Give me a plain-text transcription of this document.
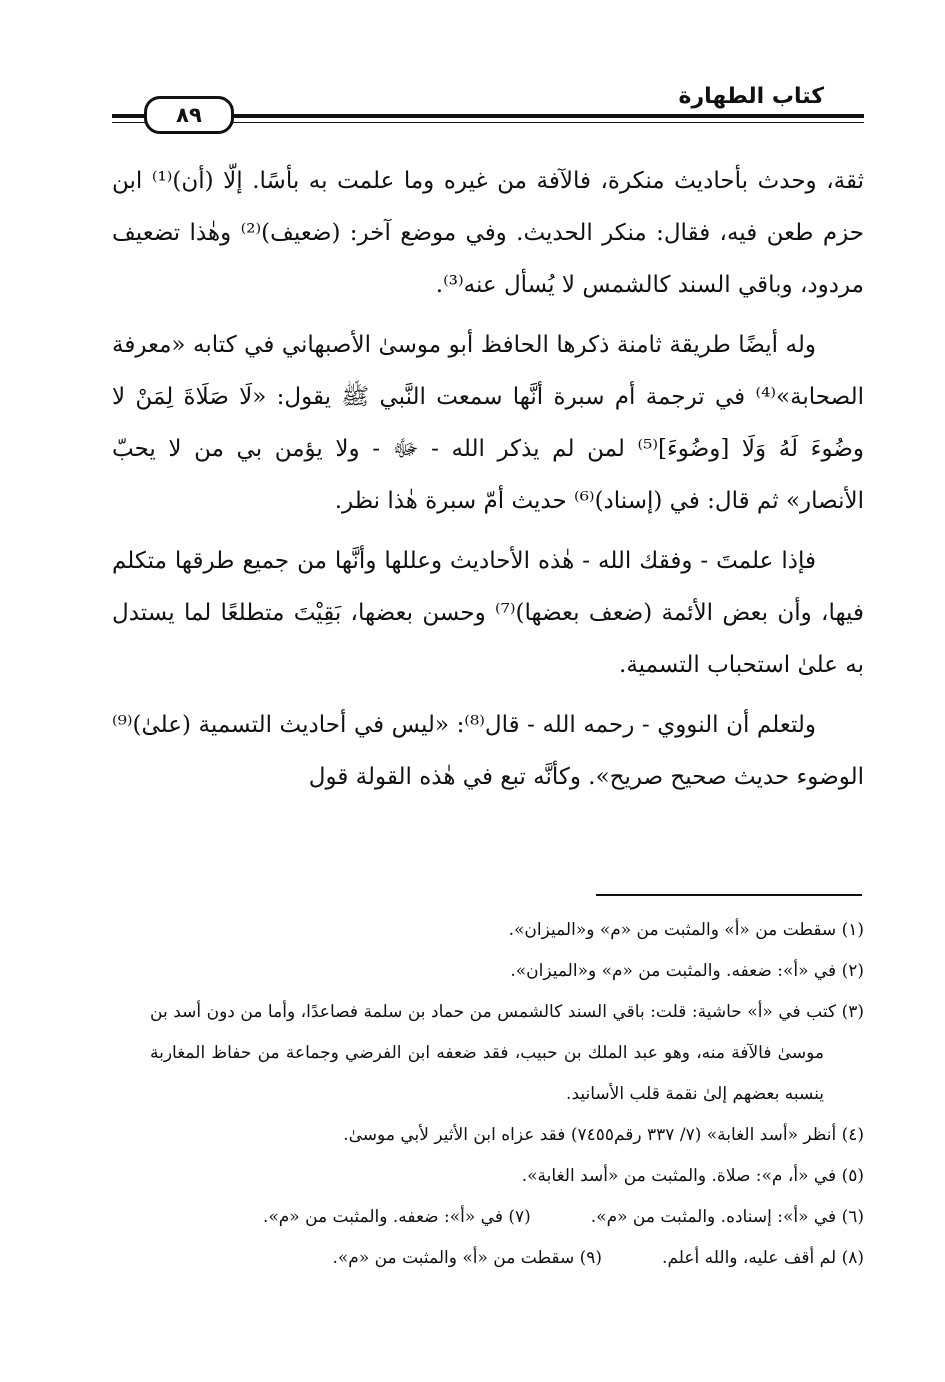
كتاب الطهارة
٨٩

ثقة، وحدث بأحاديث منكرة، فالآفة من غيره وما علمت به بأسًا. إلّا (أن)⁽¹⁾ ابن حزم طعن فيه، فقال: منكر الحديث. وفي موضع آخر: (ضعيف)⁽²⁾ وهٰذا تضعيف مردود، وباقي السند كالشمس لا يُسأل عنه⁽³⁾.

وله أيضًا طريقة ثامنة ذكرها الحافظ أبو موسىٰ الأصبهاني في كتابه «معرفة الصحابة»⁽⁴⁾ في ترجمة أم سبرة أنَّها سمعت النَّبي ﷺ يقول: «لَا صَلَاةَ لِمَنْ لا وضُوءَ لَهُ وَلَا [وضُوءَ]⁽⁵⁾ لمن لم يذكر الله - ﷻ - ولا يؤمن بي من لا يحبّ الأنصار» ثم قال: في (إسناد)⁽⁶⁾ حديث أمّ سبرة هٰذا نظر.

فإذا علمتَ - وفقك الله - هٰذه الأحاديث وعللها وأنَّها من جميع طرقها متكلم فيها، وأن بعض الأئمة (ضعف بعضها)⁽⁷⁾ وحسن بعضها، بَقِيْتَ متطلعًا لما يستدل به علىٰ استحباب التسمية.

ولتعلم أن النووي - رحمه الله - قال⁽⁸⁾: «ليس في أحاديث التسمية (علىٰ)⁽⁹⁾ الوضوء حديث صحيح صريح». وكأنَّه تبع في هٰذه القولة قول

(١) سقطت من «أ» والمثبت من «م» و«الميزان».

(٢) في «أ»: ضعفه. والمثبت من «م» و«الميزان».

(٣) كتب في «أ» حاشية: قلت: باقي السند كالشمس من حماد بن سلمة فصاعدًا، وأما من دون أسد بن موسىٰ فالآفة منه، وهو عبد الملك بن حبيب، فقد ضعفه ابن الفرضي وجماعة من حفاظ المغاربة ينسبه بعضهم إلىٰ نقمة قلب الأسانيد.

(٤) أنظر «أسد الغابة» (٧/ ٣٣٧ رقم٧٤٥٥) فقد عزاه ابن الأثير لأبي موسىٰ.

(٥) في «أ، م»: صلاة. والمثبت من «أسد الغابة».

(٦) في «أ»: إسناده. والمثبت من «م».
(٧) في «أ»: ضعفه. والمثبت من «م».
(٨) لم أقف عليه، والله أعلم.
(٩) سقطت من «أ» والمثبت من «م».
